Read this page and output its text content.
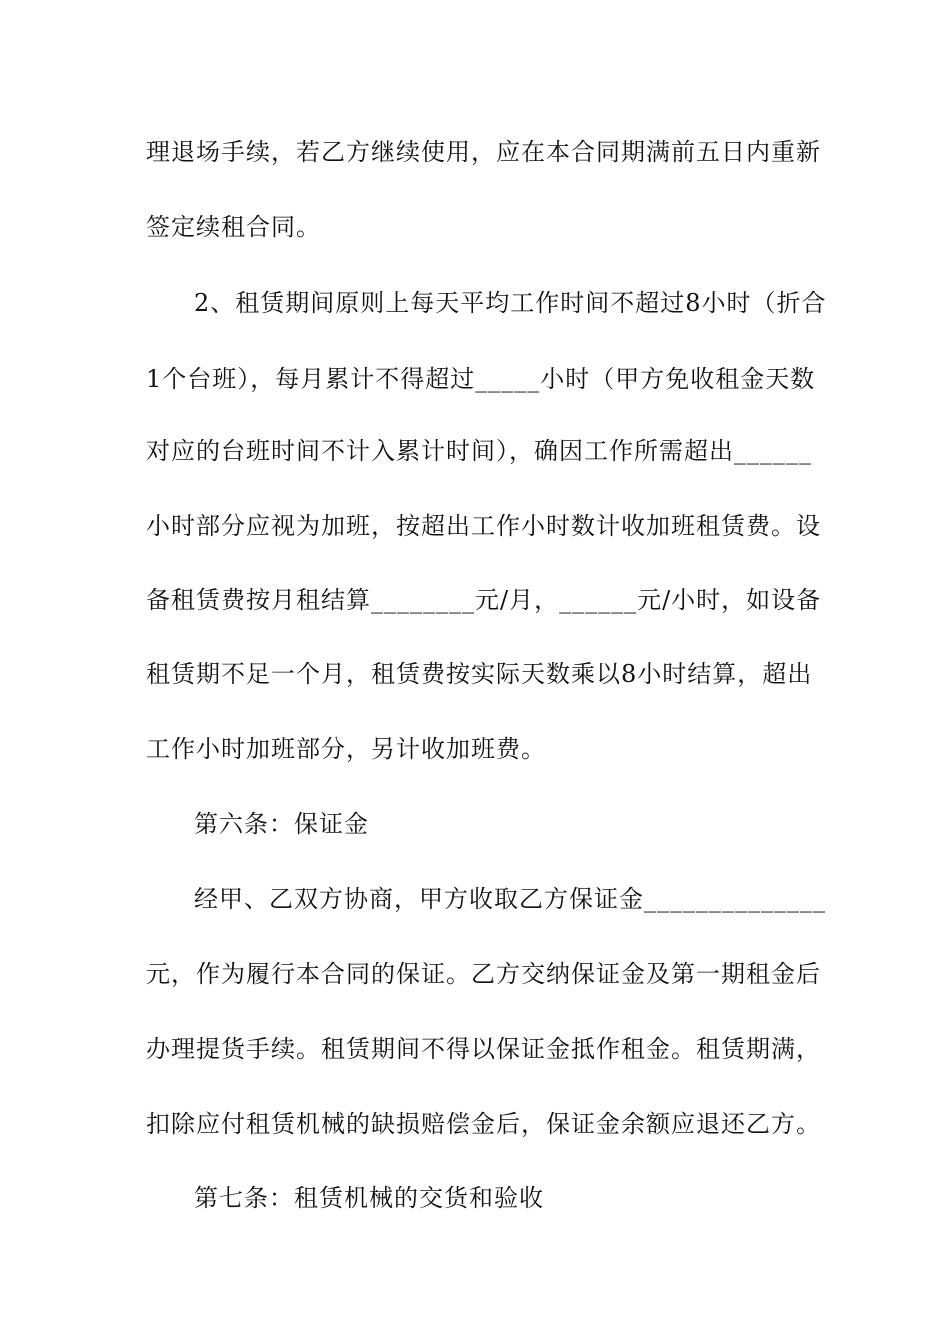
理退场手续，若乙方继续使用，应在本合同期满前五日内重新
签定续租合同。
2、租赁期间原则上每天平均工作时间不超过8小时（折合
1个台班），每月累计不得超过_____小时（甲方免收租金天数
对应的台班时间不计入累计时间），确因工作所需超出______
小时部分应视为加班，按超出工作小时数计收加班租赁费。设
备租赁费按月租结算________元/月，______元/小时，如设备
租赁期不足一个月，租赁费按实际天数乘以8小时结算，超出
工作小时加班部分，另计收加班费。
第六条：保证金
经甲、乙双方协商，甲方收取乙方保证金______________
元，作为履行本合同的保证。乙方交纳保证金及第一期租金后
办理提货手续。租赁期间不得以保证金抵作租金。租赁期满，
扣除应付租赁机械的缺损赔偿金后，保证金余额应退还乙方。
第七条：租赁机械的交货和验收
